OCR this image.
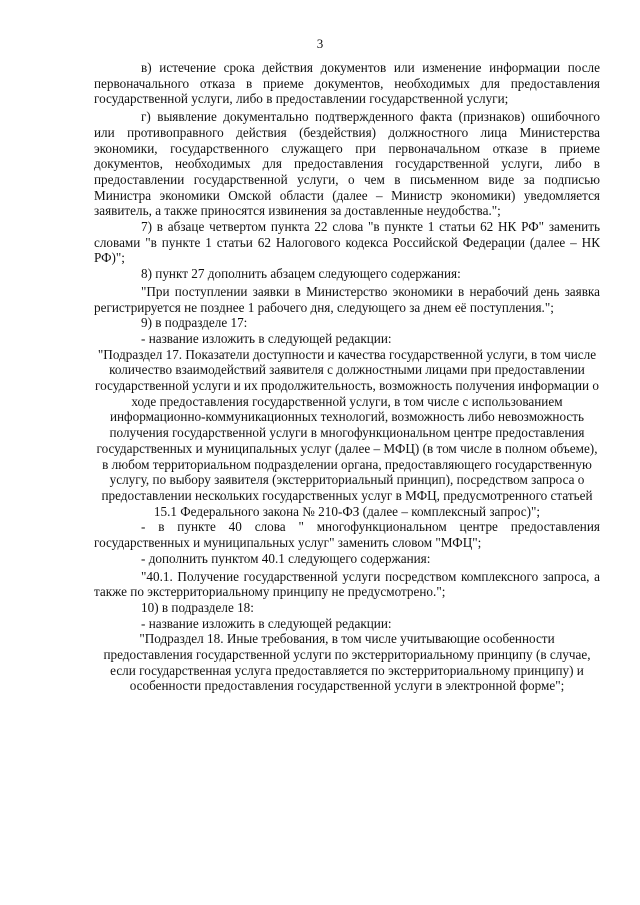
3

в) истечение срока действия документов или изменение информации после первоначального отказа в приеме документов, необходимых для предоставления государственной услуги, либо в предоставлении государственной услуги;

г) выявление документально подтвержденного факта (признаков) ошибочного или противоправного действия (бездействия) должностного лица Министерства экономики, государственного служащего при первоначальном отказе в приеме документов, необходимых для предоставления государственной услуги, либо в предоставлении государственной услуги, о чем в письменном виде за подписью Министра экономики Омской области (далее – Министр экономики) уведомляется заявитель, а также приносятся извинения за доставленные неудобства.";

7) в абзаце четвертом пункта 22 слова "в пункте 1 статьи 62 НК РФ" заменить словами "в пункте 1 статьи 62 Налогового кодекса Российской Федерации (далее – НК РФ)";

8) пункт 27 дополнить абзацем следующего содержания:

"При поступлении заявки в Министерство экономики в нерабочий день заявка регистрируется не позднее 1 рабочего дня, следующего за днем её поступления.";

9) в подразделе 17:

- название изложить в следующей редакции:

"Подраздел 17. Показатели доступности и качества государственной услуги, в том числе количество взаимодействий заявителя с должностными лицами при предоставлении государственной услуги и их продолжительность, возможность получения информации о ходе предоставления государственной услуги, в том числе с использованием информационно-коммуникационных технологий, возможность либо невозможность получения государственной услуги в многофункциональном центре предоставления государственных и муниципальных услуг (далее – МФЦ) (в том числе в полном объеме), в любом территориальном подразделении органа, предоставляющего государственную услугу, по выбору заявителя (экстерриториальный принцип), посредством запроса о предоставлении нескольких государственных услуг в МФЦ, предусмотренного статьей 15.1 Федерального закона № 210-ФЗ (далее – комплексный запрос)";

- в пункте 40 слова " многофункциональном центре предоставления государственных и муниципальных услуг" заменить словом "МФЦ";

- дополнить пунктом 40.1 следующего содержания:

"40.1. Получение государственной услуги посредством комплексного запроса, а также по экстерриториальному принципу не предусмотрено.";

10) в подразделе 18:

- название изложить в следующей редакции:

"Подраздел 18. Иные требования, в том числе учитывающие особенности предоставления государственной услуги по экстерриториальному принципу (в случае, если государственная услуга предоставляется по экстерриториальному принципу) и особенности предоставления государственной услуги в электронной форме";
